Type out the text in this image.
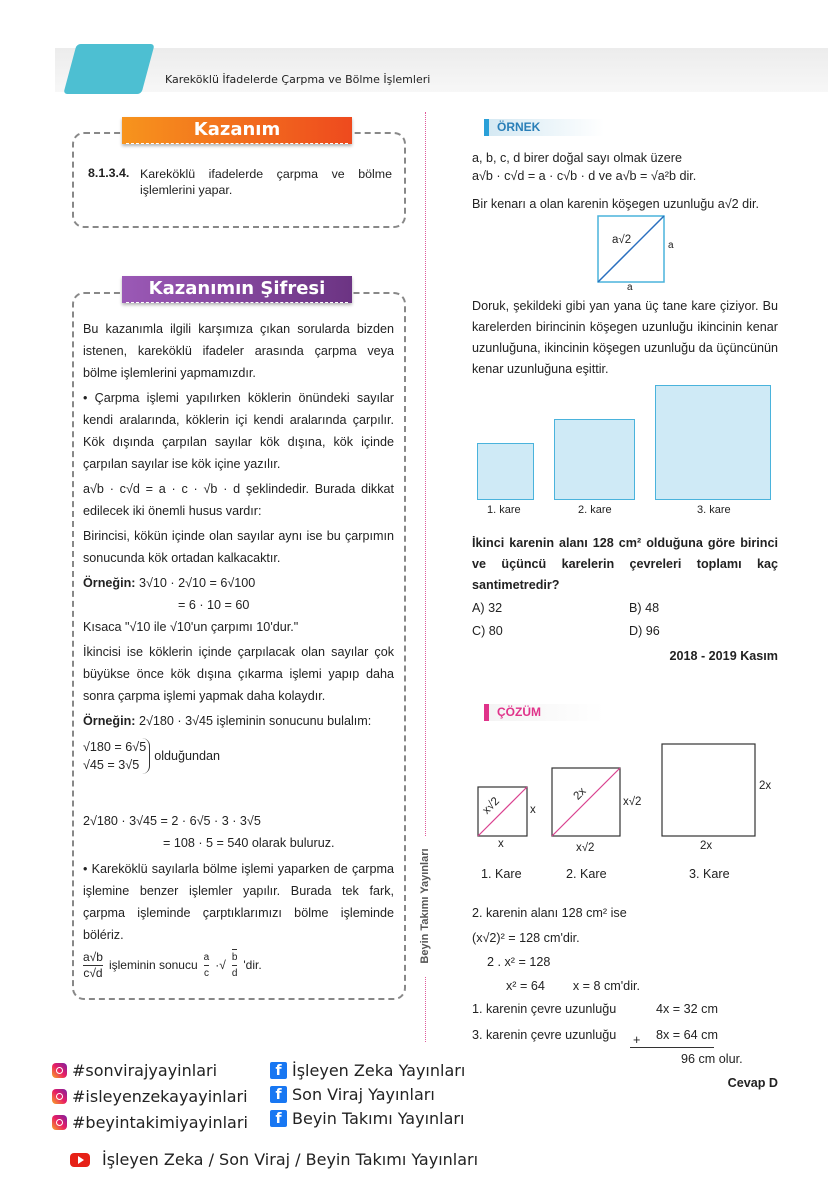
Kareköklü İfadelerde Çarpma ve Bölme İşlemleri
Kazanım
8.1.3.4. Kareköklü ifadelerde çarpma ve bölme işlemlerini yapar.
Kazanımın Şifresi

Bu kazanımla ilgili karşımıza çıkan sorularda bizden istenen, kareköklü ifadeler arasında çarpma veya bölme işlemlerini yapmamızdır.

• Çarpma işlemi yapılırken köklerin önündeki sayılar kendi aralarında, köklerin içi kendi aralarında çarpılır. Kök dışında çarpılan sayılar kök dışına, kök içinde çarpılan sayılar ise kök içine yazılır.

a√b · c√d = a · c · √b · d şeklindedir. Burada dikkat edilecek iki önemli husus vardır:

Birincisi, kökün içinde olan sayılar aynı ise bu çarpımın sonucunda kök ortadan kalkacaktır.

Örneğin: 3√10 · 2√10 = 6√100
= 6 · 10 = 60

Kısaca "√10 ile √10'un çarpımı 10'dur."

İkincisi ise köklerin içinde çarpılacak olan sayılar çok büyükse önce kök dışına çıkarma işlemi yapıp daha sonra çarpma işlemi yapmak daha kolaydır.

Örneğin: 2√180 · 3√45 işleminin sonucunu bulalım:
√180 = 6√5
√45 = 3√5
olduğundan
2√180 · 3√45 = 2 · 6√5 · 3 · 3√5
= 108 · 5 = 540 olarak buluruz.

• Kareköklü sayılarla bölme işlemi yaparken de çarpma işlemine benzer işlemler yapılır. Burada tek fark, çarpma işleminde çarptıklarımızı bölme işleminde bölériz.

$\frac{a√b}{c√d}$ işleminin sonucu $\frac{a}{c}$ ·√ $\frac{b}{d}$ 'dir.
Beyin Takımı Yayınları
ÖRNEK
a, b, c, d birer doğal sayı olmak üzere
a√b · c√d = a · c√b · d ve a√b = √a²b dir.
Bir kenarı a olan karenin köşegen uzunluğu a√2 dir.
a√2	a
a
Doruk, şekildeki gibi yan yana üç tane kare çiziyor. Bu karelerden birincinin köşegen uzunluğu ikincinin kenar uzunluğuna, ikincinin köşegen uzunluğu da üçüncünün kenar uzunluğuna eşittir.
1. kare	2. kare	3. kare
İkinci karenin alanı 128 cm² olduğuna göre birinci ve üçüncü karelerin çevreleri toplamı kaç santimetredir?
A) 32	B) 48
C) 80	D) 96
2018 - 2019 Kasım
ÇÖZÜM
x√2 x
x
2x	x√2
x√2
2x
2x
1. Kare	2. Kare	3. Kare
2. karenin alanı 128 cm² ise
(x√2)² = 128 cm'dir.
2 . x² = 128
x² = 64        x = 8 cm'dir.
1. karenin çevre uzunluğu	4x = 32 cm
3. karenin çevre uzunluğu + 8x = 64 cm
96 cm olur.
Cevap D
#sonvirajyayinlari
#isleyenzekayayinlari
#beyintakimiyayinlari
f İşleyen Zeka Yayınları
f Son Viraj Yayınları
f Beyin Takımı Yayınları
İşleyen Zeka / Son Viraj / Beyin Takımı Yayınları
